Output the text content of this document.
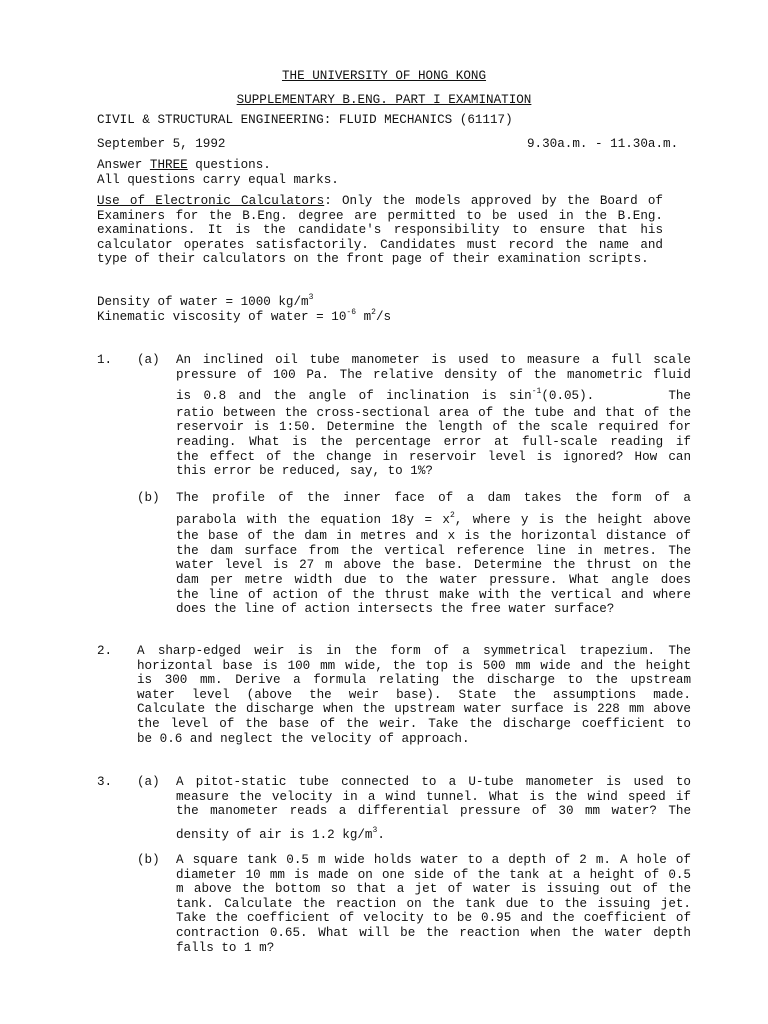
THE UNIVERSITY OF HONG KONG
SUPPLEMENTARY B.ENG. PART I EXAMINATION
CIVIL & STRUCTURAL ENGINEERING: FLUID MECHANICS (61117)
September 5, 1992	9.30a.m. - 11.30a.m.
Answer THREE questions.
All questions carry equal marks.

Use of Electronic Calculators: Only the models approved by the Board of

Examiners for the B.Eng. degree are permitted to be used in the B.Eng.

examinations. It is the candidate's responsibility to ensure that his

calculator operates satisfactorily. Candidates must record the name and

type of their calculators on the front page of their examination scripts.

Density of water = 1000 $kg/m^3$
Kinematic viscosity of water = $10^{-6}$ $m^2/s$
1. (a) An inclined oil tube manometer is used to measure a full scale

pressure of 100 Pa. The relative density of the manometric fluid

is 0.8 and the angle of inclination is $\sin^{-1}(0.05)$.	The

ratio between the cross-sectional area of the tube and that of the

reservoir is 1:50. Determine the length of the scale required for

reading. What is the percentage error at full-scale reading if

the effect of the change in reservoir level is ignored? How can

this error be reduced, say, to 1%?

(b) The profile of the inner face of a dam takes the form of a

parabola with the equation $18y = x^2$, where y is the height above

the base of the dam in metres and x is the horizontal distance of

the dam surface from the vertical reference line in metres. The

water level is 27 m above the base. Determine the thrust on the

dam per metre width due to the water pressure. What angle does

the line of action of the thrust make with the vertical and where

does the line of action intersects the free water surface?

2. A sharp-edged weir is in the form of a symmetrical trapezium. The

horizontal base is 100 mm wide, the top is 500 mm wide and the height

is 300 mm. Derive a formula relating the discharge to the upstream

water level (above the weir base). State the assumptions made.

Calculate the discharge when the upstream water surface is 228 mm above

the level of the base of the weir. Take the discharge coefficient to

be 0.6 and neglect the velocity of approach.

3. (a) A pitot-static tube connected to a U-tube manometer is used to

measure the velocity in a wind tunnel. What is the wind speed if

the manometer reads a differential pressure of 30 mm water? The

density of air is 1.2 $kg/m^3$.

(b) A square tank 0.5 m wide holds water to a depth of 2 m. A hole of

diameter 10 mm is made on one side of the tank at a height of 0.5

m above the bottom so that a jet of water is issuing out of the

tank. Calculate the reaction on the tank due to the issuing jet.

Take the coefficient of velocity to be 0.95 and the coefficient of

contraction 0.65. What will be the reaction when the water depth

falls to 1 m?
